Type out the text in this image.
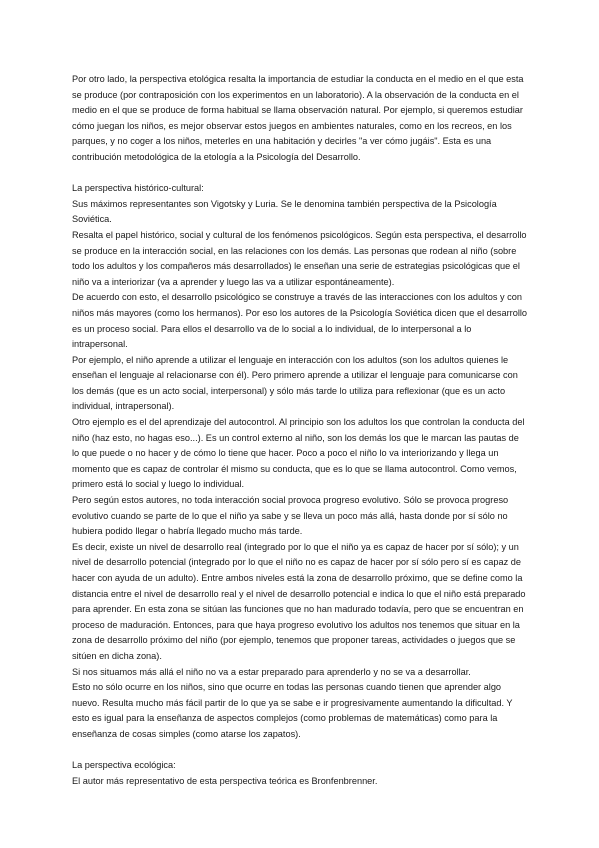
Por otro lado, la perspectiva etológica resalta la importancia de estudiar la conducta en el medio en el que esta se produce (por contraposición con los experimentos en un laboratorio). A la observación de la conducta en el medio en el que se produce de forma habitual se llama observación natural. Por ejemplo, si queremos estudiar cómo juegan los niños, es mejor observar estos juegos en ambientes naturales, como en los recreos, en los parques, y no coger a los niños, meterles en una habitación y decirles "a ver cómo jugáis". Esta es una contribución metodológica de la etología a la Psicología del Desarrollo.

La perspectiva histórico-cultural:

Sus máximos representantes son Vigotsky y Luria. Se le denomina también perspectiva de la Psicología Soviética.

Resalta el papel histórico, social y cultural de los fenómenos psicológicos. Según esta perspectiva, el desarrollo se produce en la interacción social, en las relaciones con los demás. Las personas que rodean al niño (sobre todo los adultos y los compañeros más desarrollados) le enseñan una serie de estrategias psicológicas que el niño va a interiorizar (va a aprender y luego las va a utilizar espontáneamente).

De acuerdo con esto, el desarrollo psicológico se construye a través de las interacciones con los adultos y con niños más mayores (como los hermanos). Por eso los autores de la Psicología Soviética dicen que el desarrollo es un proceso social. Para ellos el desarrollo va de lo social a lo individual, de lo interpersonal a lo intrapersonal.

Por ejemplo, el niño aprende a utilizar el lenguaje en interacción con los adultos (son los adultos quienes le enseñan el lenguaje al relacionarse con él). Pero primero aprende a utilizar el lenguaje para comunicarse con los demás (que es un acto social, interpersonal) y sólo más tarde lo utiliza para reflexionar (que es un acto individual, intrapersonal).

Otro ejemplo es el del aprendizaje del autocontrol. Al principio son los adultos los que controlan la conducta del niño (haz esto, no hagas eso...). Es un control externo al niño, son los demás los que le marcan las pautas de lo que puede o no hacer y de cómo lo tiene que hacer. Poco a poco el niño lo va interiorizando y llega un momento que es capaz de controlar él mismo su conducta, que es lo que se llama autocontrol. Como vemos, primero está lo social y luego lo individual.

Pero según estos autores, no toda interacción social provoca progreso evolutivo. Sólo se provoca progreso evolutivo cuando se parte de lo que el niño ya sabe y se lleva un poco más allá, hasta donde por sí sólo no hubiera podido llegar o habría llegado mucho más tarde.

Es decir, existe un nivel de desarrollo real (integrado por lo que el niño ya es capaz de hacer por sí sólo); y un nivel de desarrollo potencial (integrado por lo que el niño no es capaz de hacer por sí sólo pero sí es capaz de hacer con ayuda de un adulto). Entre ambos niveles está la zona de desarrollo próximo, que se define como la distancia entre el nivel de desarrollo real y el nivel de desarrollo potencial e indica lo que el niño está preparado para aprender. En esta zona se sitúan las funciones que no han madurado todavía, pero que se encuentran en proceso de maduración. Entonces, para que haya progreso evolutivo los adultos nos tenemos que situar en la zona de desarrollo próximo del niño (por ejemplo, tenemos que proponer tareas, actividades o juegos que se sitúen en dicha zona).

Si nos situamos más allá el niño no va a estar preparado para aprenderlo y no se va a desarrollar.

Esto no sólo ocurre en los niños, sino que ocurre en todas las personas cuando tienen que aprender algo nuevo. Resulta mucho más fácil partir de lo que ya se sabe e ir progresivamente aumentando la dificultad. Y esto es igual para la enseñanza de aspectos complejos (como problemas de matemáticas) como para la enseñanza de cosas simples (como atarse los zapatos).

La perspectiva ecológica:

El autor más representativo de esta perspectiva teórica es Bronfenbrenner.
